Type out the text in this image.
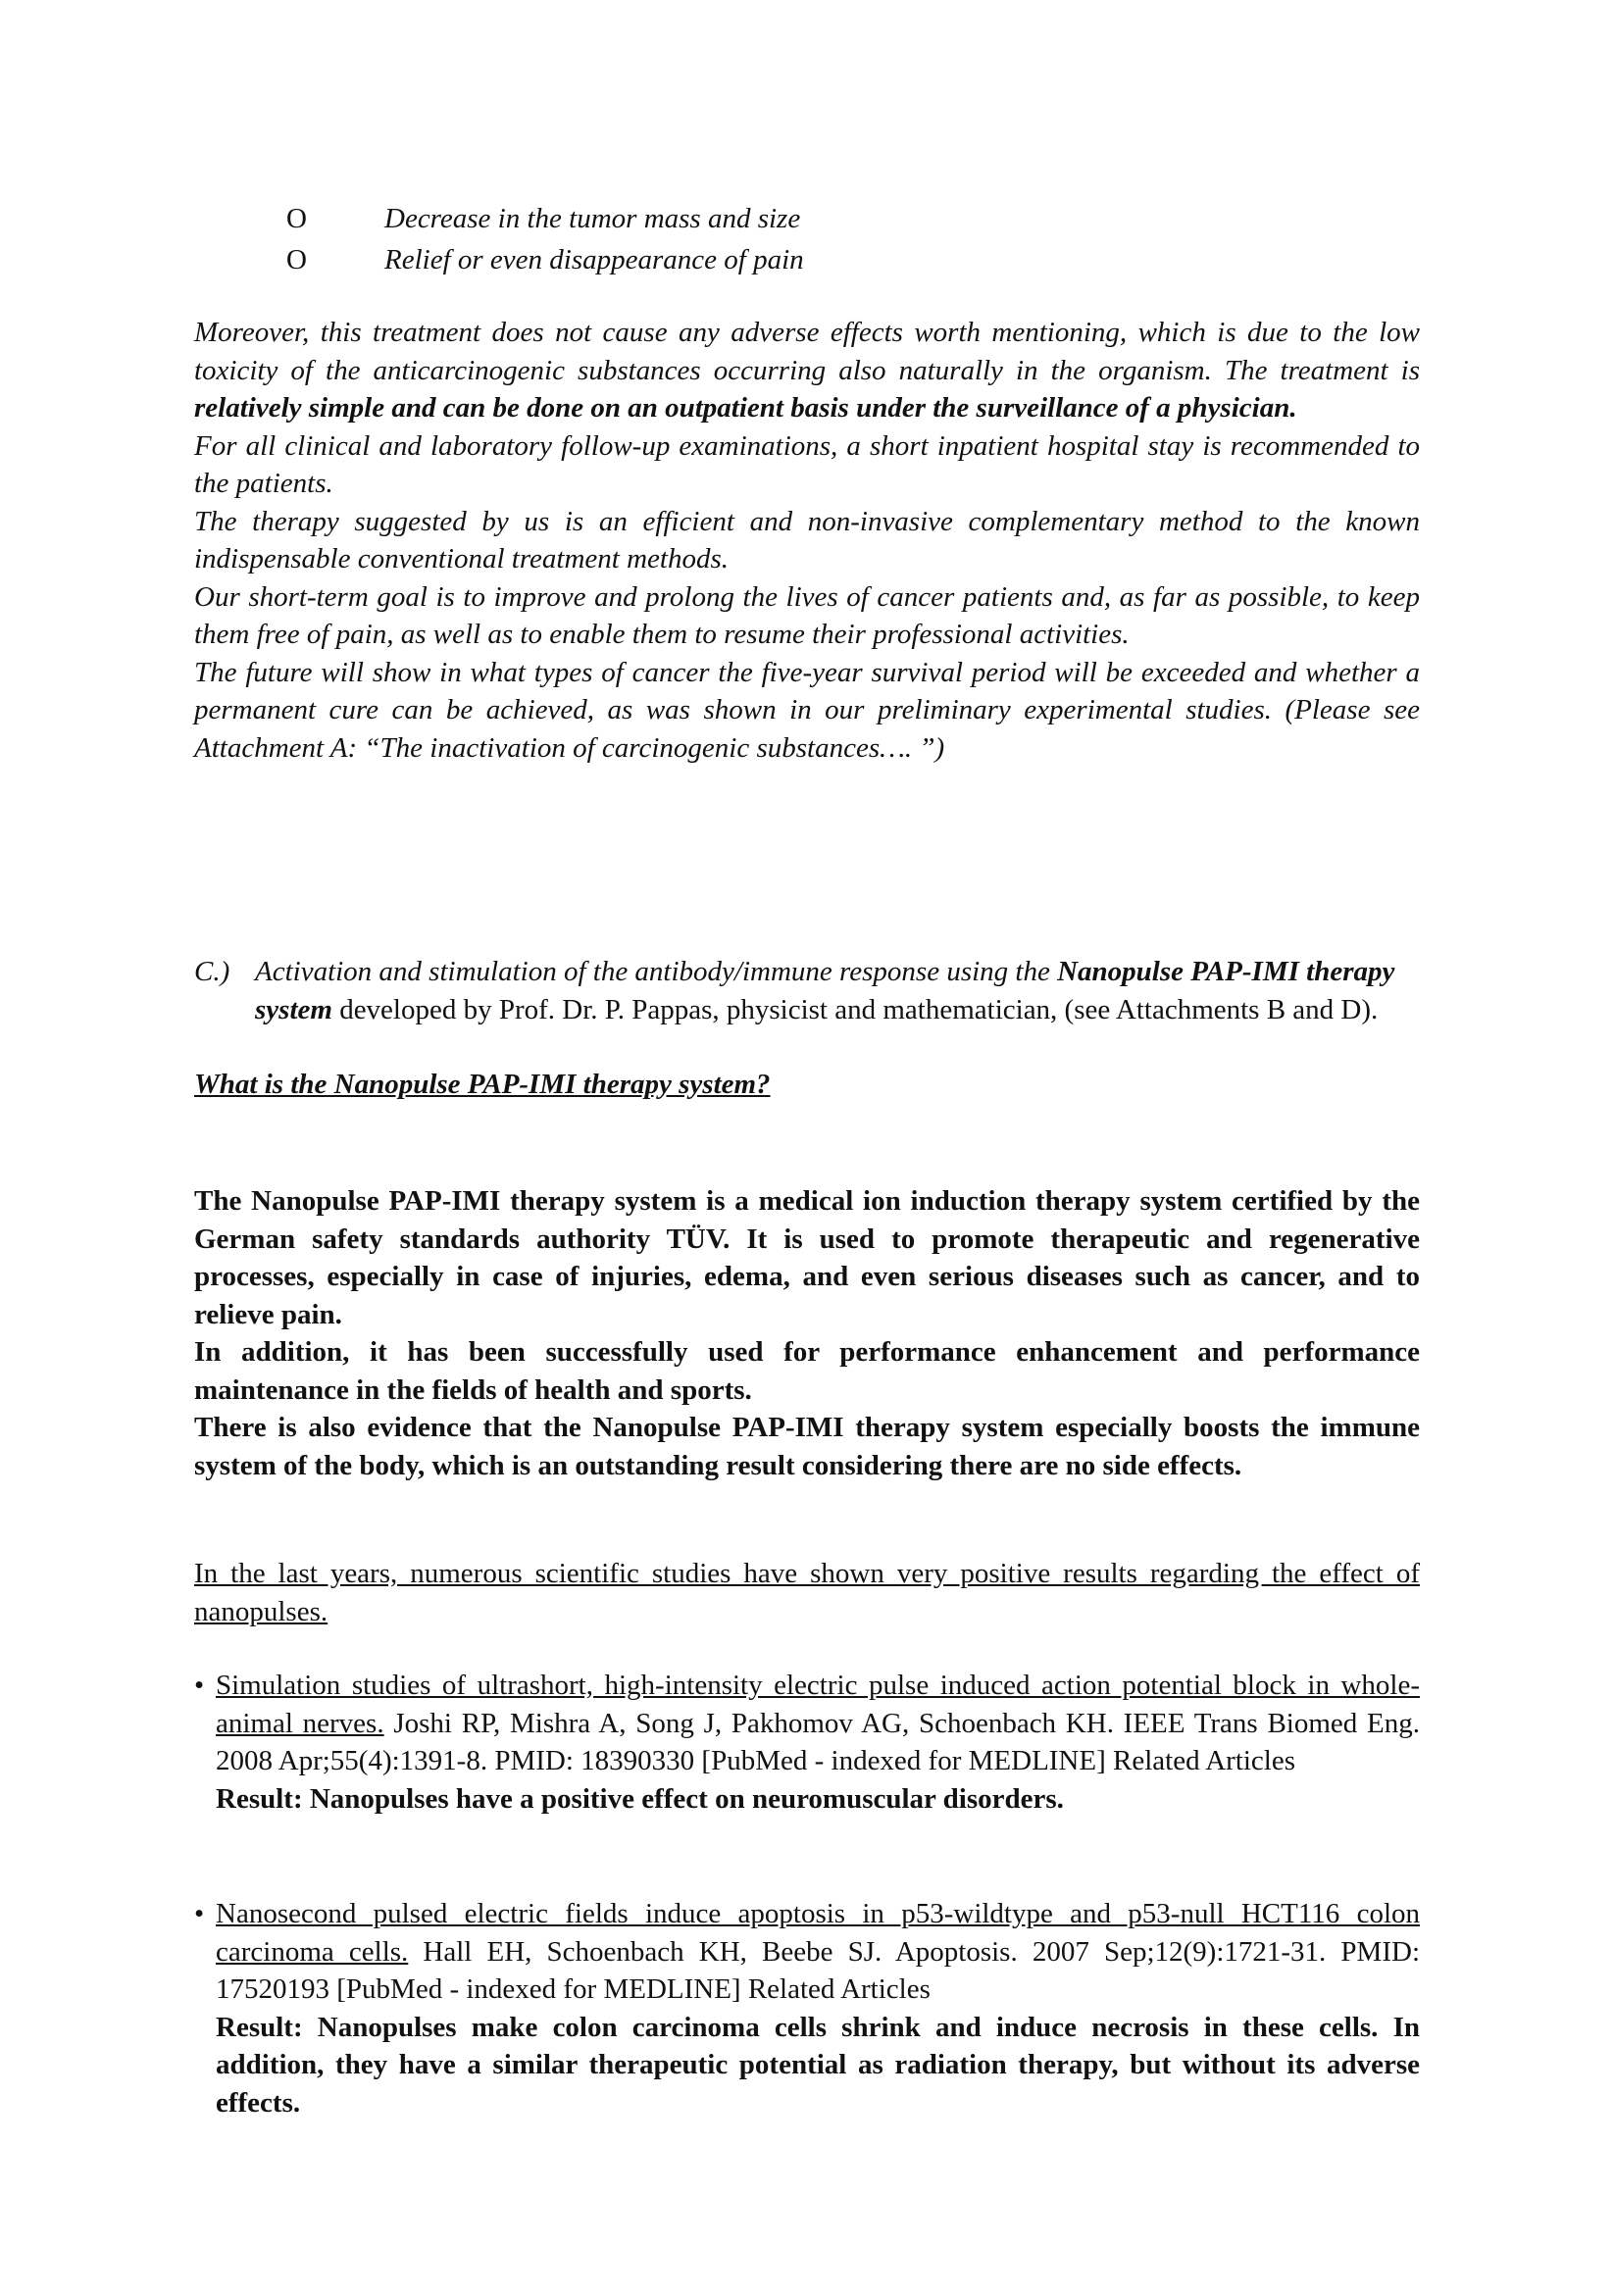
O	Decrease in the tumor mass and size
O	Relief or even disappearance of pain

Moreover, this treatment does not cause any adverse effects worth mentioning, which is due to the low toxicity of the anticarcinogenic substances occurring also naturally in the organism. The treatment is relatively simple and can be done on an outpatient basis under the surveillance of a physician.

For all clinical and laboratory follow-up examinations, a short inpatient hospital stay is recommended to the patients.

The therapy suggested by us is an efficient and non-invasive complementary method to the known indispensable conventional treatment methods.

Our short-term goal is to improve and prolong the lives of cancer patients and, as far as possible, to keep them free of pain, as well as to enable them to resume their professional activities.

The future will show in what types of cancer the five-year survival period will be exceeded and whether a permanent cure can be achieved, as was shown in our preliminary experimental studies. (Please see Attachment A: “The inactivation of carcinogenic substances…. ”)

C.) Activation and stimulation of the antibody/immune response using the Nanopulse PAP-IMI therapy system developed by Prof. Dr. P. Pappas, physicist and mathematician, (see Attachments B and D).
What is the Nanopulse PAP-IMI therapy system?

The Nanopulse PAP-IMI therapy system is a medical ion induction therapy system certified by the German safety standards authority TÜV. It is used to promote therapeutic and regenerative processes, especially in case of injuries, edema, and even serious diseases such as cancer, and to relieve pain.

In addition, it has been successfully used for performance enhancement and performance maintenance in the fields of health and sports.

There is also evidence that the Nanopulse PAP-IMI therapy system especially boosts the immune system of the body, which is an outstanding result considering there are no side effects.

In the last years, numerous scientific studies have shown very positive results regarding the effect of nanopulses.
• Simulation studies of ultrashort, high-intensity electric pulse induced action potential block in whole-animal nerves. Joshi RP, Mishra A, Song J, Pakhomov AG, Schoenbach KH. IEEE Trans Biomed Eng. 2008 Apr;55(4):1391-8. PMID: 18390330 [PubMed - indexed for MEDLINE] Related Articles
Result: Nanopulses have a positive effect on neuromuscular disorders.
• Nanosecond pulsed electric fields induce apoptosis in p53-wildtype and p53-null HCT116 colon carcinoma cells. Hall EH, Schoenbach KH, Beebe SJ. Apoptosis. 2007 Sep;12(9):1721-31. PMID: 17520193 [PubMed - indexed for MEDLINE] Related Articles
Result: Nanopulses make colon carcinoma cells shrink and induce necrosis in these cells. In addition, they have a similar therapeutic potential as radiation therapy, but without its adverse effects.
